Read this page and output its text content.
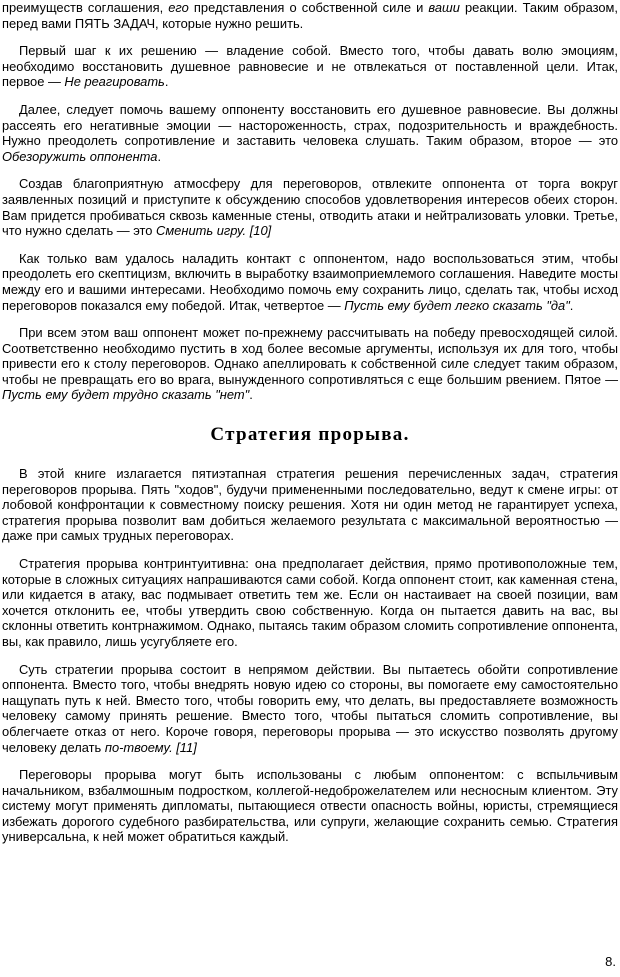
преимуществ соглашения, его представления о собственной силе и ваши реакции. Таким образом, перед вами ПЯТЬ ЗАДАЧ, которые нужно решить.

Первый шаг к их решению — владение собой. Вместо того, чтобы давать волю эмоциям, необходимо восстановить душевное равновесие и не отвлекаться от поставленной цели. Итак, первое — Не реагировать.

Далее, следует помочь вашему оппоненту восстановить его душевное равновесие. Вы должны рассеять его негативные эмоции — настороженность, страх, подозрительность и враждебность. Нужно преодолеть сопротивление и заставить человека слушать. Таким образом, второе — это Обезоружить оппонента.

Создав благоприятную атмосферу для переговоров, отвлеките оппонента от торга вокруг заявленных позиций и приступите к обсуждению способов удовлетворения интересов обеих сторон. Вам придется пробиваться сквозь каменные стены, отводить атаки и нейтрализовать уловки. Третье, что нужно сделать — это Сменить игру. [10]

Как только вам удалось наладить контакт с оппонентом, надо воспользоваться этим, чтобы преодолеть его скептицизм, включить в выработку взаимоприемлемого соглашения. Наведите мосты между его и вашими интересами. Необходимо помочь ему сохранить лицо, сделать так, чтобы исход переговоров показался ему победой. Итак, четвертое — Пусть ему будет легко сказать "да".

При всем этом ваш оппонент может по-прежнему рассчитывать на победу превосходящей силой. Соответственно необходимо пустить в ход более весомые аргументы, используя их для того, чтобы привести его к столу переговоров. Однако апеллировать к собственной силе следует таким образом, чтобы не превращать его во врага, вынужденного сопротивляться с еще большим рвением. Пятое — Пусть ему будет трудно сказать "нет".

Стратегия прорыва.

В этой книге излагается пятиэтапная стратегия решения перечисленных задач, стратегия переговоров прорыва. Пять "ходов", будучи примененными последовательно, ведут к смене игры: от лобовой конфронтации к совместному поиску решения. Хотя ни один метод не гарантирует успеха, стратегия прорыва позволит вам добиться желаемого результата с максимальной вероятностью — даже при самых трудных переговорах.

Стратегия прорыва контринтуитивна: она предполагает действия, прямо противоположные тем, которые в сложных ситуациях напрашиваются сами собой. Когда оппонент стоит, как каменная стена, или кидается в атаку, вас подмывает ответить тем же. Если он настаивает на своей позиции, вам хочется отклонить ее, чтобы утвердить свою собственную. Когда он пытается давить на вас, вы склонны ответить контрнажимом. Однако, пытаясь таким образом сломить сопротивление оппонента, вы, как правило, лишь усугубляете его.

Суть стратегии прорыва состоит в непрямом действии. Вы пытаетесь обойти сопротивление оппонента. Вместо того, чтобы внедрять новую идею со стороны, вы помогаете ему самостоятельно нащупать путь к ней. Вместо того, чтобы говорить ему, что делать, вы предоставляете возможность человеку самому принять решение. Вместо того, чтобы пытаться сломить сопротивление, вы облегчаете отказ от него. Короче говоря, переговоры прорыва — это искусство позволять другому человеку делать по-твоему. [11]

Переговоры прорыва могут быть использованы с любым оппонентом: с вспыльчивым начальником, взбалмошным подростком, коллегой-недоброжелателем или несносным клиентом. Эту систему могут применять дипломаты, пытающиеся отвести опасность войны, юристы, стремящиеся избежать дорогого судебного разбирательства, или супруги, желающие сохранить семью. Стратегия универсальна, к ней может обратиться каждый.

8.
